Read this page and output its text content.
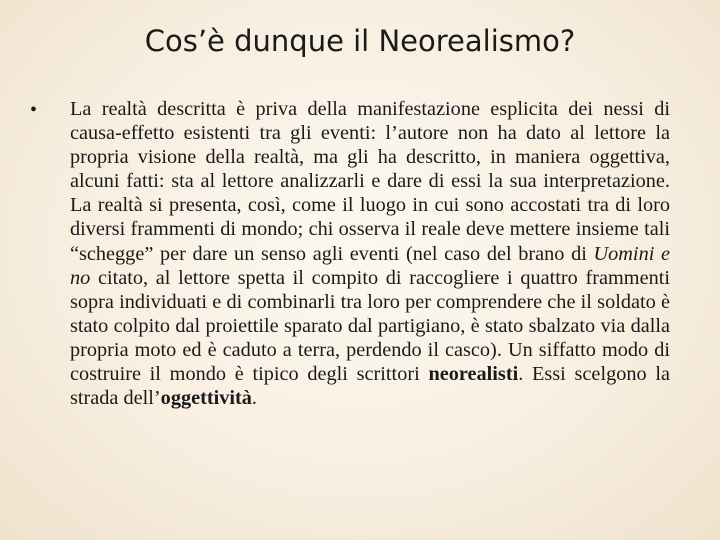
Cos’è dunque il Neorealismo?
•	La realtà descritta è priva della manifestazione esplicita dei nessi di causa-effetto esistenti tra gli eventi: l’autore non ha dato al lettore la propria visione della realtà, ma gli ha descritto, in maniera oggettiva, alcuni fatti: sta al lettore analizzarli e dare di essi la sua interpretazione. La realtà si presenta, così, come il luogo in cui sono accostati tra di loro diversi frammenti di mondo; chi osserva il reale deve mettere insieme tali “schegge” per dare un senso agli eventi (nel caso del brano di Uomini e no citato, al lettore spetta il compito di raccogliere i quattro frammenti sopra individuati e di combinarli tra loro per comprendere che il soldato è stato colpito dal proiettile sparato dal partigiano, è stato sbalzato via dalla propria moto ed è caduto a terra, perdendo il casco). Un siffatto modo di costruire il mondo è tipico degli scrittori neorealisti. Essi scelgono la strada dell’oggettività.
